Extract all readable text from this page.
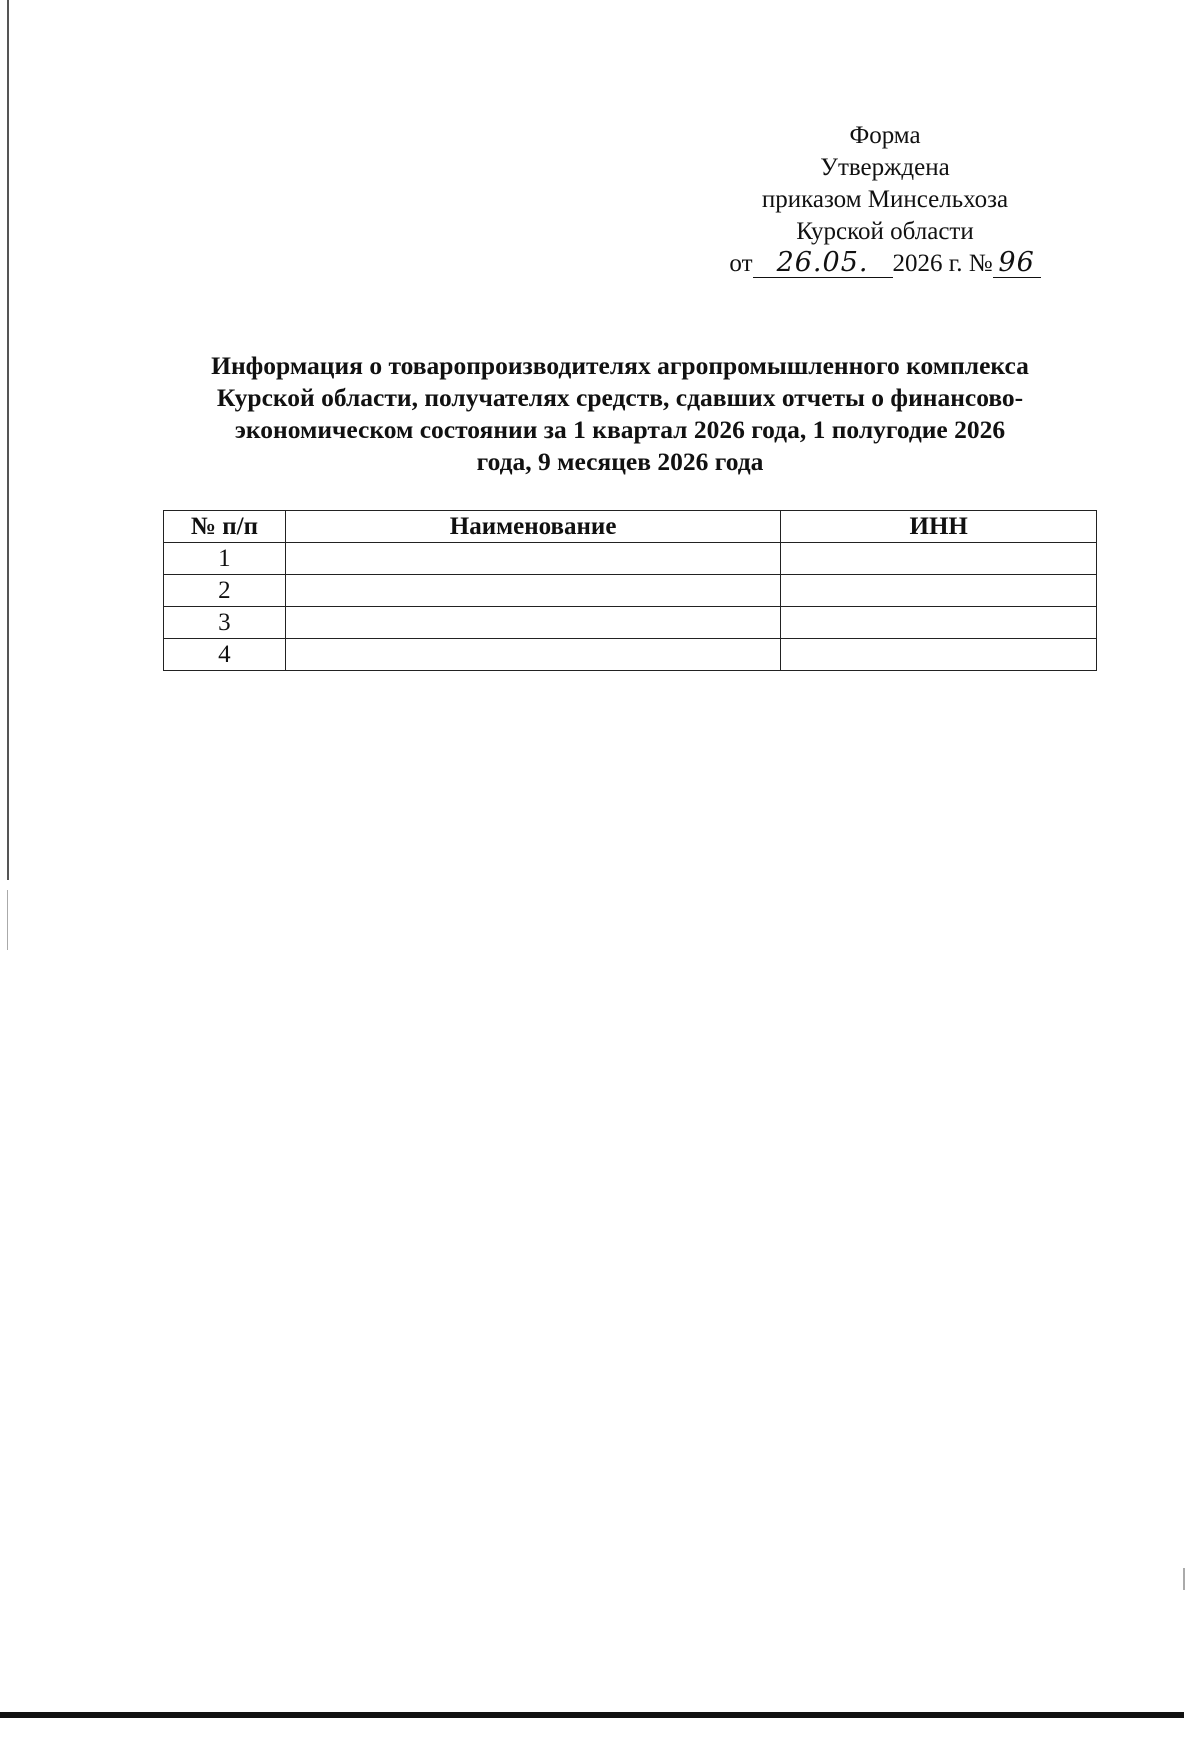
Форма
Утверждена
приказом Минсельхоза
Курской области
от 26.05. 2026 г. № 96
Информация о товаропроизводителях агропромышленного комплекса
Курской области, получателях средств, сдавших отчеты о финансово-
экономическом состоянии за 1 квартал 2026 года, 1 полугодие 2026
года, 9 месяцев 2026 года
№ п/п	Наименование	ИНН
1		
2		
3		
4		
